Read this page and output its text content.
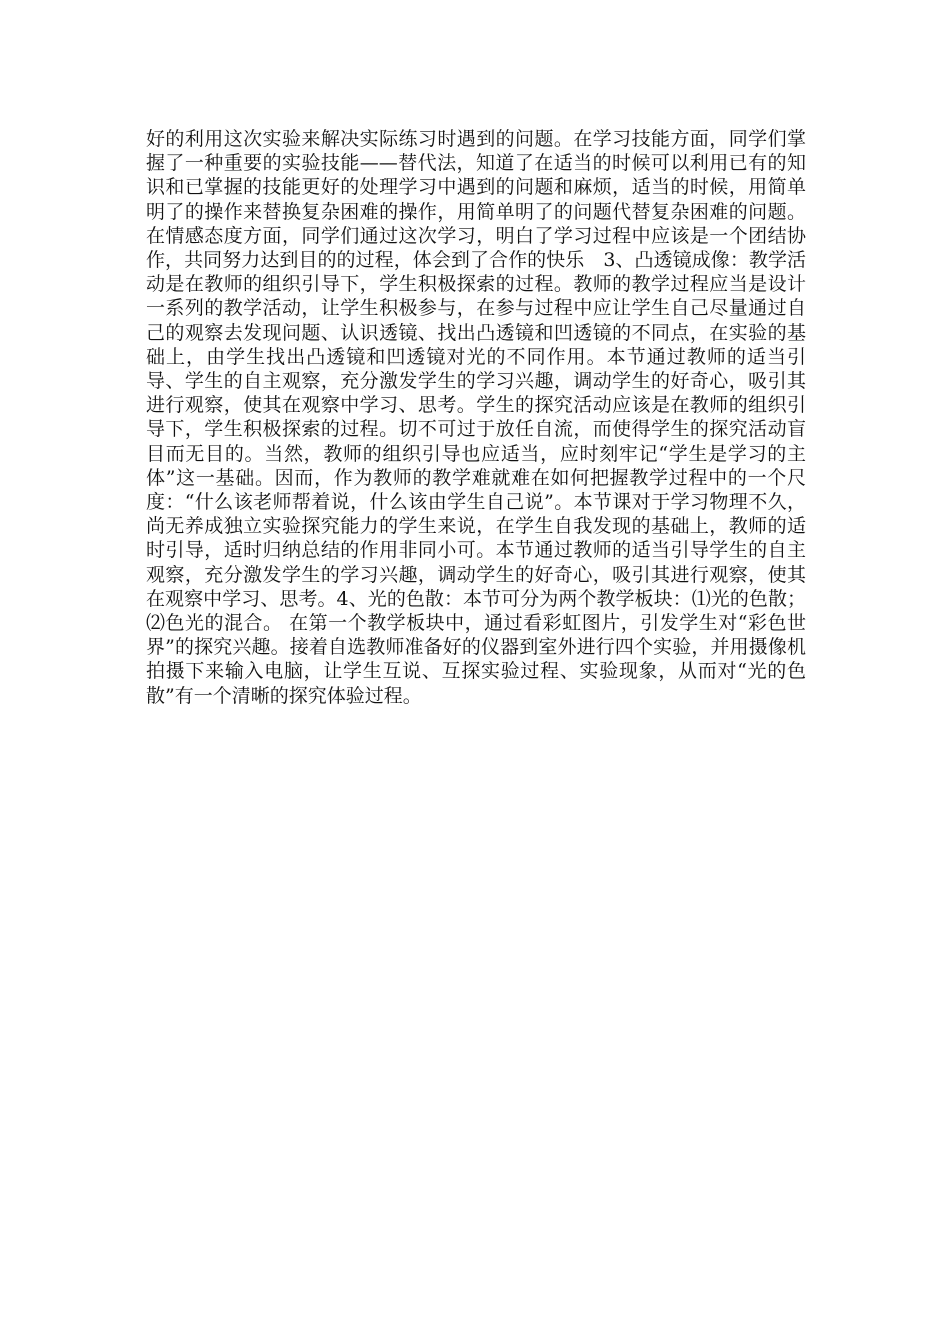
好的利用这次实验来解决实际练习时遇到的问题。在学习技能方面，同学们掌握了一种重要的实验技能——替代法，知道了在适当的时候可以利用已有的知识和已掌握的技能更好的处理学习中遇到的问题和麻烦，适当的时候，用简单明了的操作来替换复杂困难的操作，用简单明了的问题代替复杂困难的问题。在情感态度方面，同学们通过这次学习，明白了学习过程中应该是一个团结协作，共同努力达到目的的过程，体会到了合作的快乐　3、凸透镜成像：教学活动是在教师的组织引导下，学生积极探索的过程。教师的教学过程应当是设计一系列的教学活动，让学生积极参与，在参与过程中应让学生自己尽量通过自己的观察去发现问题、认识透镜、找出凸透镜和凹透镜的不同点，在实验的基础上，由学生找出凸透镜和凹透镜对光的不同作用。本节通过教师的适当引导、学生的自主观察，充分激发学生的学习兴趣，调动学生的好奇心，吸引其进行观察，使其在观察中学习、思考。学生的探究活动应该是在教师的组织引导下，学生积极探索的过程。切不可过于放任自流，而使得学生的探究活动盲目而无目的。当然，教师的组织引导也应适当，应时刻牢记“学生是学习的主体”这一基础。因而，作为教师的教学难就难在如何把握教学过程中的一个尺度：“什么该老师帮着说，什么该由学生自己说”。本节课对于学习物理不久，尚无养成独立实验探究能力的学生来说，在学生自我发现的基础上，教师的适时引导，适时归纳总结的作用非同小可。本节通过教师的适当引导学生的自主观察，充分激发学生的学习兴趣，调动学生的好奇心，吸引其进行观察，使其在观察中学习、思考。4、光的色散：本节可分为两个教学板块：⑴光的色散；⑵色光的混合。 在第一个教学板块中，通过看彩虹图片，引发学生对“彩色世界”的探究兴趣。接着自选教师准备好的仪器到室外进行四个实验，并用摄像机拍摄下来输入电脑，让学生互说、互探实验过程、实验现象，从而对“光的色散”有一个清晰的探究体验过程。
